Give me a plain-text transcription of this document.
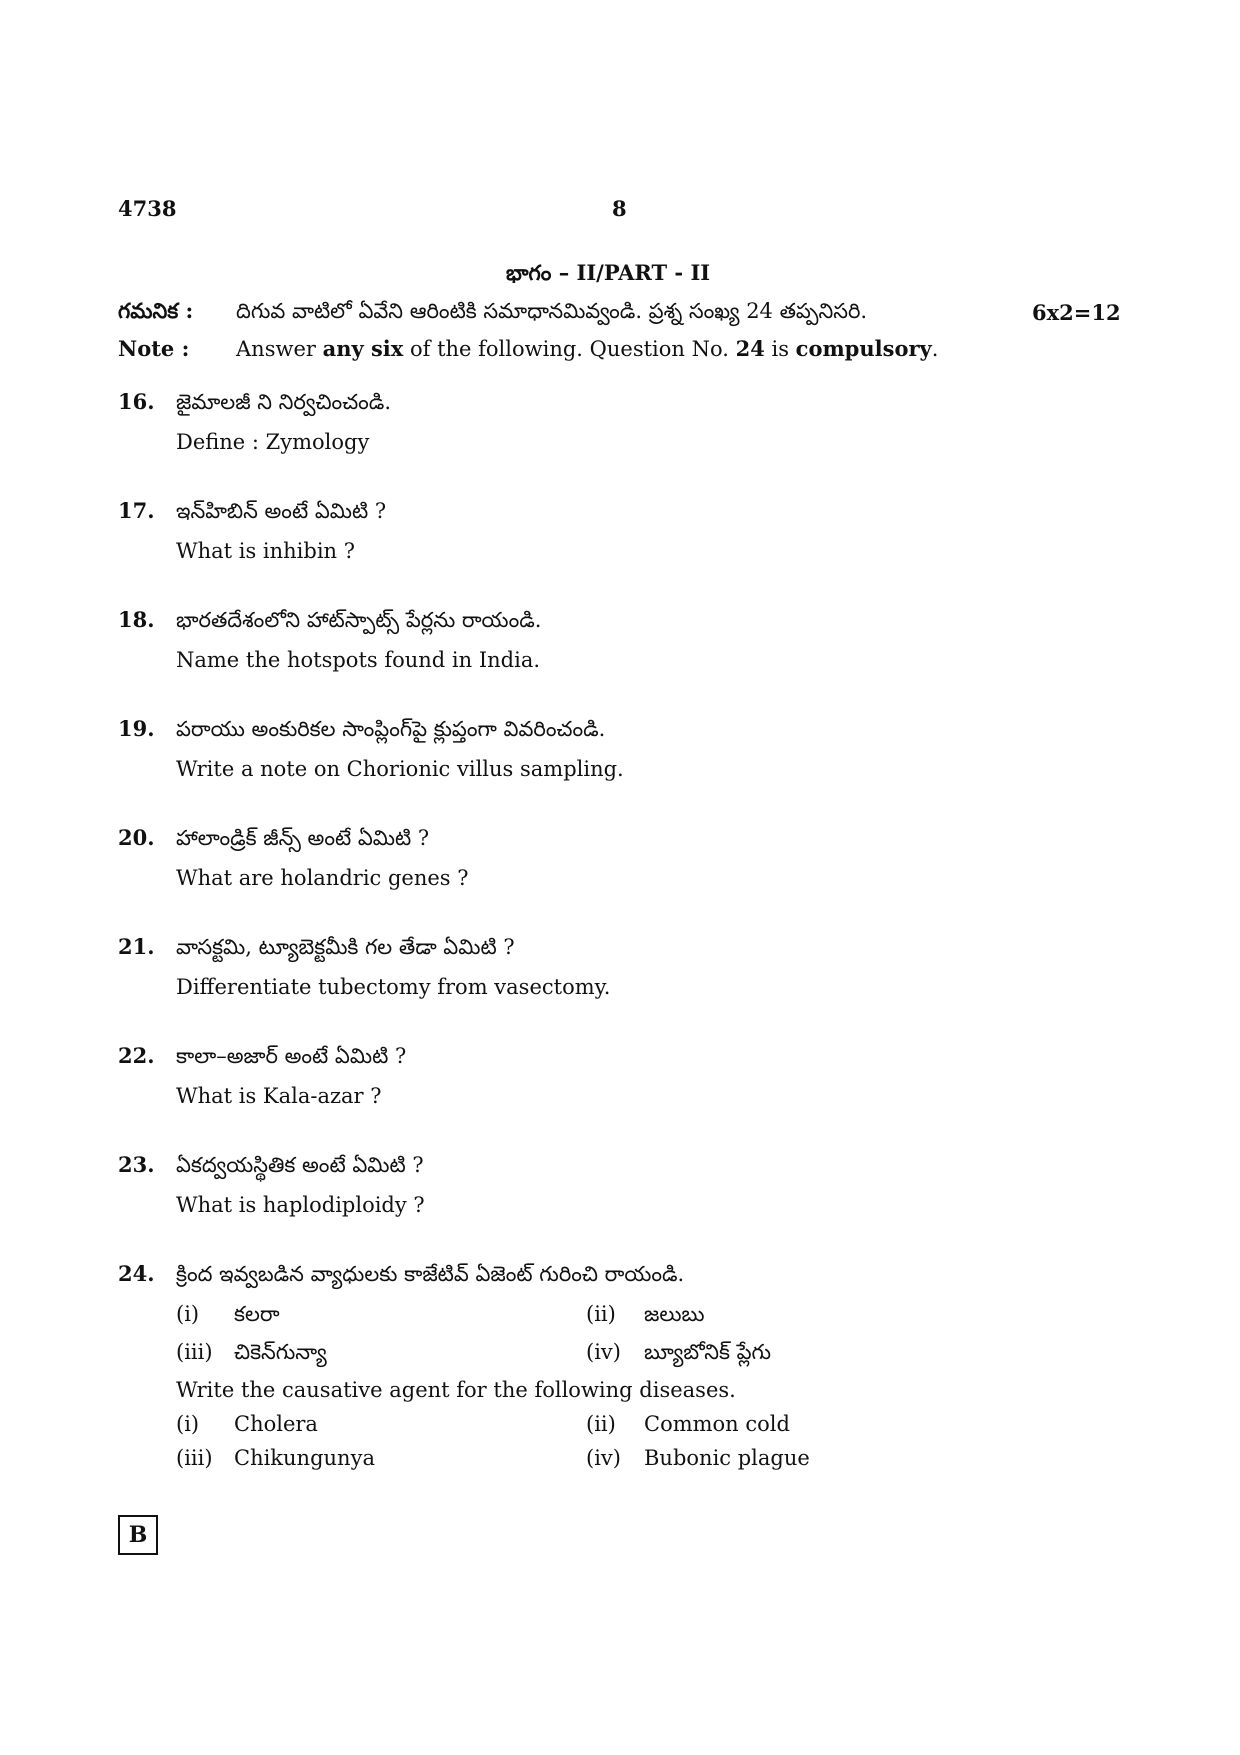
4738	8
భాగం – II/PART - II
గమనిక : దిగువ వాటిలో ఏవేని ఆరింటికి సమాధానమివ్వండి. ప్రశ్న సంఖ్య 24 తప్పనిసరి.	6x2=12
Note : Answer any six of the following. Question No. 24 is compulsory.
16. జైమాలజీ ని నిర్వచించండి.
Define : Zymology
17. ఇన్‌హిబిన్ అంటే ఏమిటి ?
What is inhibin ?
18. భారతదేశంలోని హాట్‌స్పాట్స్ పేర్లను రాయండి.
Name the hotspots found in India.
19. పరాయు అంకురికల సాంప్లింగ్‌పై క్లుప్తంగా వివరించండి.
Write a note on Chorionic villus sampling.
20. హాలాండ్రిక్ జీన్స్ అంటే ఏమిటి ?
What are holandric genes ?
21. వాసక్టమి, ట్యూబెక్టమీకి గల తేడా ఏమిటి ?
Differentiate tubectomy from vasectomy.
22. కాలా–అజార్ అంటే ఏమిటి ?
What is Kala-azar ?
23. ఏకద్వయస్థితిక అంటే ఏమిటి ?
What is haplodiploidy ?
24. క్రింద ఇవ్వబడిన వ్యాధులకు కాజేటివ్ ఏజెంట్ గురించి రాయండి.
(i) కలరా	(ii) జలుబు
(iii) చికెన్‌గున్యా	(iv) బ్యూబోనిక్ ప్లేగు
Write the causative agent for the following diseases.
(i) Cholera	(ii) Common cold
(iii) Chikungunya	(iv) Bubonic plague
B
